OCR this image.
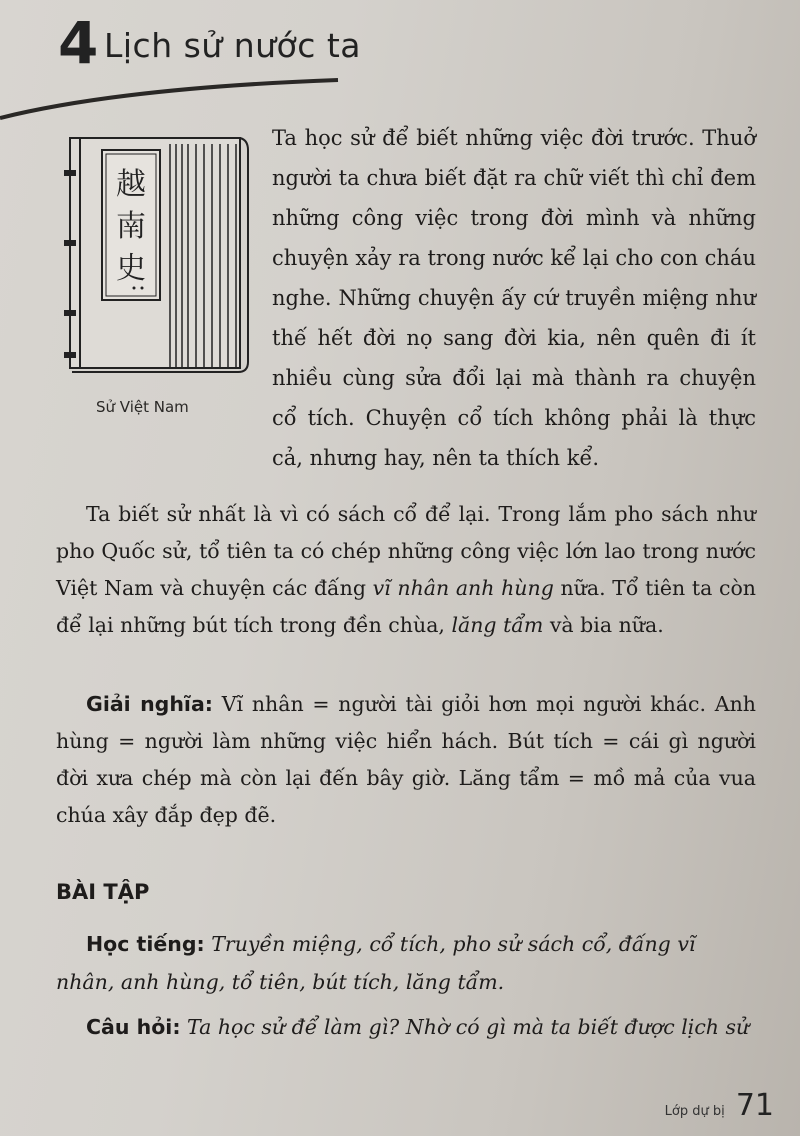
4 Lịch sử nước ta
越
南
史
Sử Việt Nam
Ta học sử để biết những việc đời trước. Thuở người ta chưa biết đặt ra chữ viết thì chỉ đem những công việc trong đời mình và những chuyện xảy ra trong nước kể lại cho con cháu nghe. Những chuyện ấy cứ truyền miệng như thế hết đời nọ sang đời kia, nên quên đi ít nhiều cùng sửa đổi lại mà thành ra chuyện cổ tích. Chuyện cổ tích không phải là thực cả, nhưng hay, nên ta thích kể.
Ta biết sử nhất là vì có sách cổ để lại. Trong lắm pho sách như pho Quốc sử, tổ tiên ta có chép những công việc lớn lao trong nước Việt Nam và chuyện các đấng vĩ nhân anh hùng nữa. Tổ tiên ta còn để lại những bút tích trong đền chùa, lăng tẩm và bia nữa.
Giải nghĩa: Vĩ nhân = người tài giỏi hơn mọi người khác. Anh hùng = người làm những việc hiển hách. Bút tích = cái gì người đời xưa chép mà còn lại đến bây giờ. Lăng tẩm = mồ mả của vua chúa xây đắp đẹp đẽ.
BÀI TẬP
Học tiếng: Truyền miệng, cổ tích, pho sử sách cổ, đấng vĩ nhân, anh hùng, tổ tiên, bút tích, lăng tẩm.
Câu hỏi: Ta học sử để làm gì? Nhờ có gì mà ta biết được lịch sử
Lớp dự bị 71
